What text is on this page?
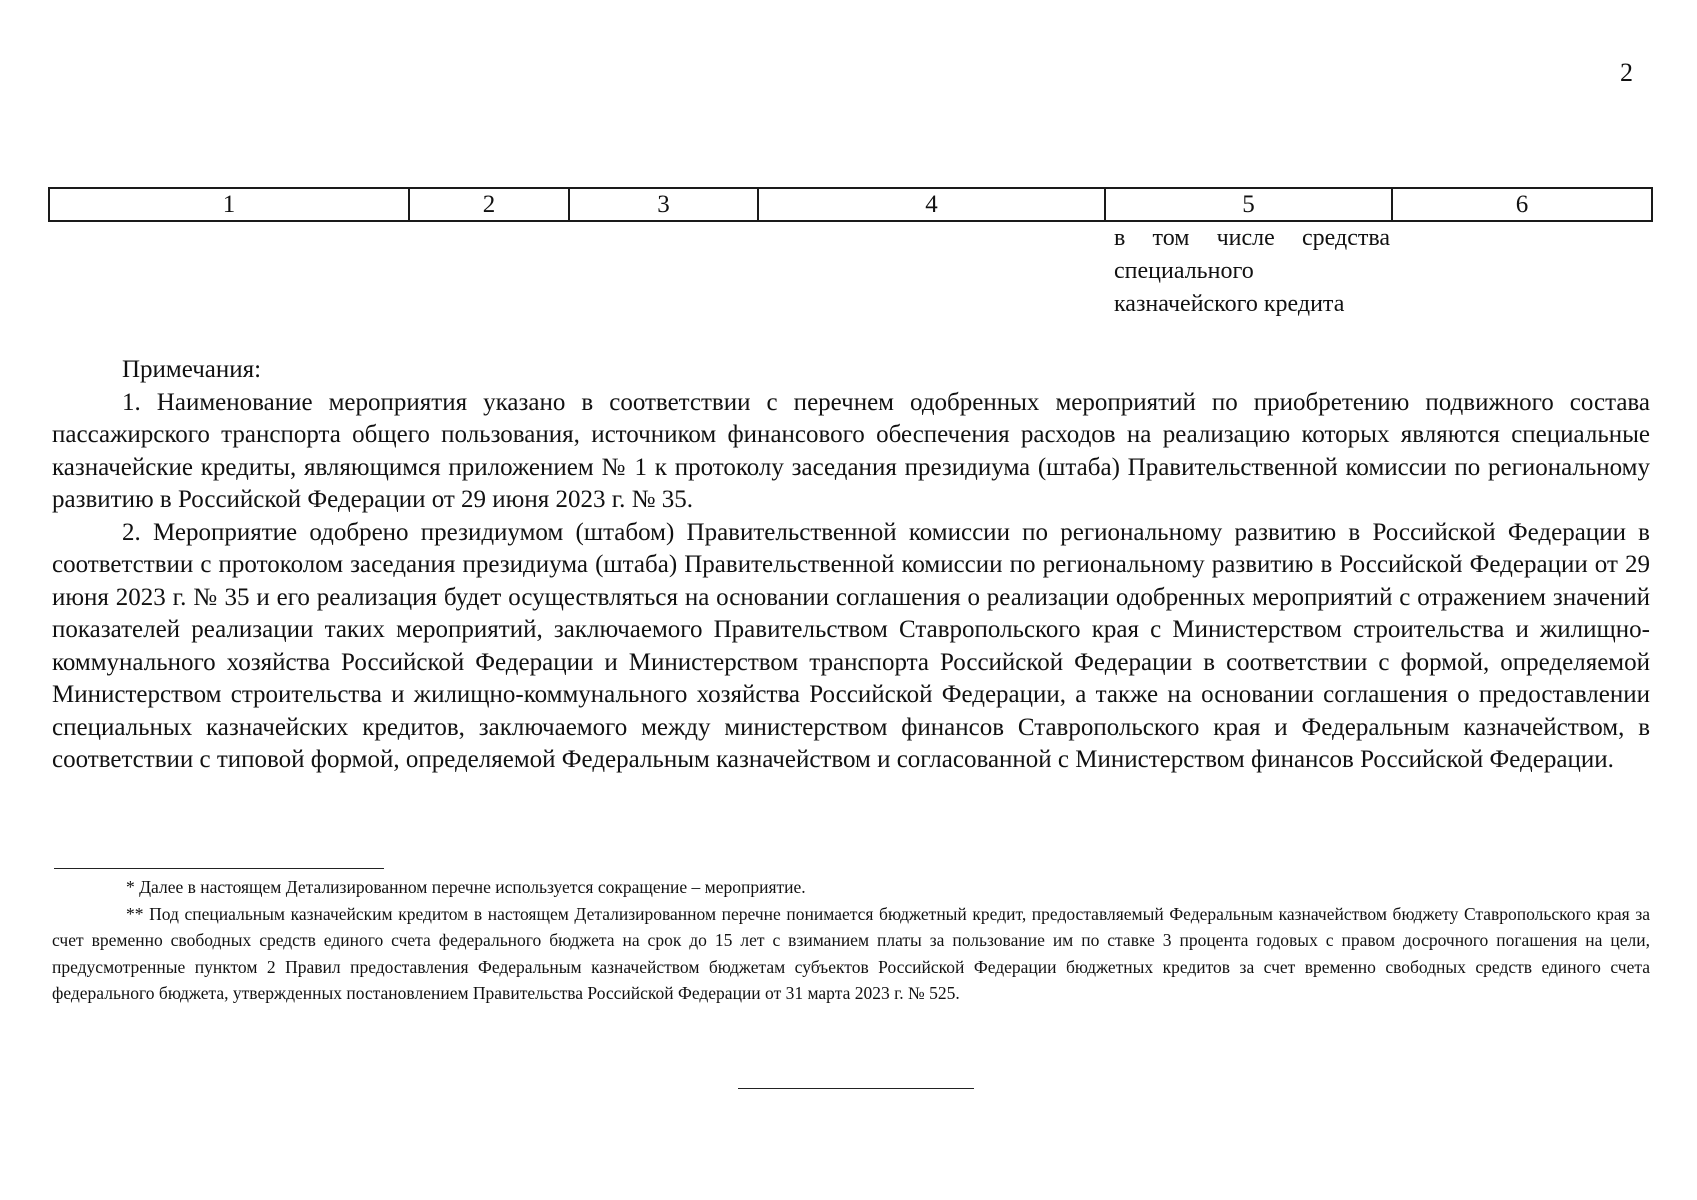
2
1	2	3	4	5	6
в том числе средства специального казначейского кредита

Примечания:

1. Наименование мероприятия указано в соответствии с перечнем одобренных мероприятий по приобретению подвижного состава пассажирского транспорта общего пользования, источником финансового обеспечения расходов на реализацию которых являются специальные казначейские кредиты, являющимся приложением № 1 к протоколу заседания президиума (штаба) Правительственной комиссии по региональному развитию в Российской Федерации от 29 июня 2023 г. № 35.

2. Мероприятие одобрено президиумом (штабом) Правительственной комиссии по региональному развитию в Российской Федерации в соответствии с протоколом заседания президиума (штаба) Правительственной комиссии по региональному развитию в Российской Федерации от 29 июня 2023 г. № 35 и его реализация будет осуществляться на основании соглашения о реализации одобренных мероприятий с отражением значений показателей реализации таких мероприятий, заключаемого Правительством Ставропольского края с Министерством строительства и жилищно-коммунального хозяйства Российской Федерации и Министерством транспорта Российской Федерации в соответствии с формой, определяемой Министерством строительства и жилищно-коммунального хозяйства Российской Федерации, а также на основании соглашения о предоставлении специальных казначейских кредитов, заключаемого между министерством финансов Ставропольского края и Федеральным казначейством, в соответствии с типовой формой, определяемой Федеральным казначейством и согласованной с Министерством финансов Российской Федерации.

* Далее в настоящем Детализированном перечне используется сокращение – мероприятие.

** Под специальным казначейским кредитом в настоящем Детализированном перечне понимается бюджетный кредит, предоставляемый Федеральным казначейством бюджету Ставропольского края за счет временно свободных средств единого счета федерального бюджета на срок до 15 лет с взиманием платы за пользование им по ставке 3 процента годовых с правом досрочного погашения на цели, предусмотренные пунктом 2 Правил предоставления Федеральным казначейством бюджетам субъектов Российской Федерации бюджетных кредитов за счет временно свободных средств единого счета федерального бюджета, утвержденных постановлением Правительства Российской Федерации от 31 марта 2023 г. № 525.
